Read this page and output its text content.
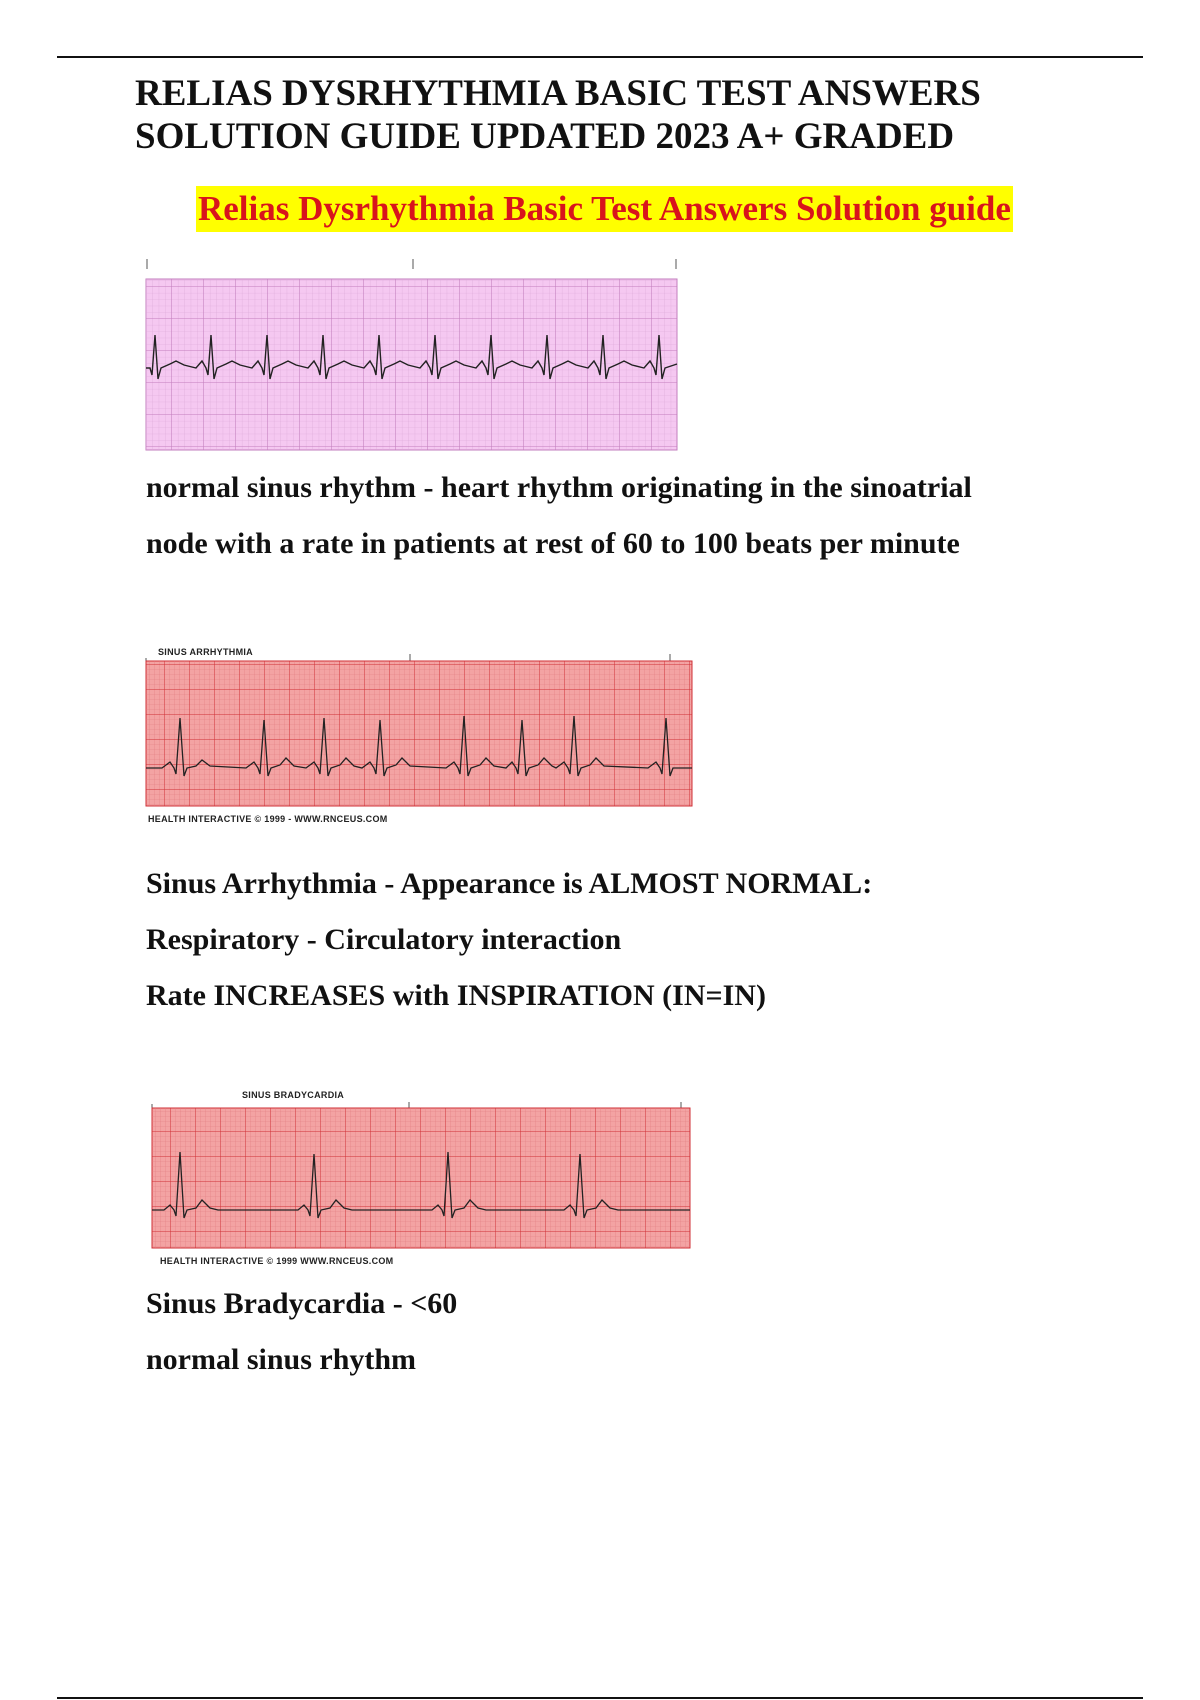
RELIAS DYSRHYTHMIA BASIC TEST ANSWERS
SOLUTION GUIDE UPDATED 2023 A+ GRADED
Relias Dysrhythmia Basic Test Answers Solution guide
normal sinus rhythm - heart rhythm originating in the sinoatrial
node with a rate in patients at rest of 60 to 100 beats per minute
SINUS ARRHYTHMIA
HEALTH INTERACTIVE © 1999 - WWW.RNCEUS.COM
Sinus Arrhythmia - Appearance is ALMOST NORMAL:
Respiratory - Circulatory interaction
Rate INCREASES with INSPIRATION (IN=IN)
SINUS BRADYCARDIA
HEALTH INTERACTIVE © 1999 WWW.RNCEUS.COM
Sinus Bradycardia - <60
normal sinus rhythm
